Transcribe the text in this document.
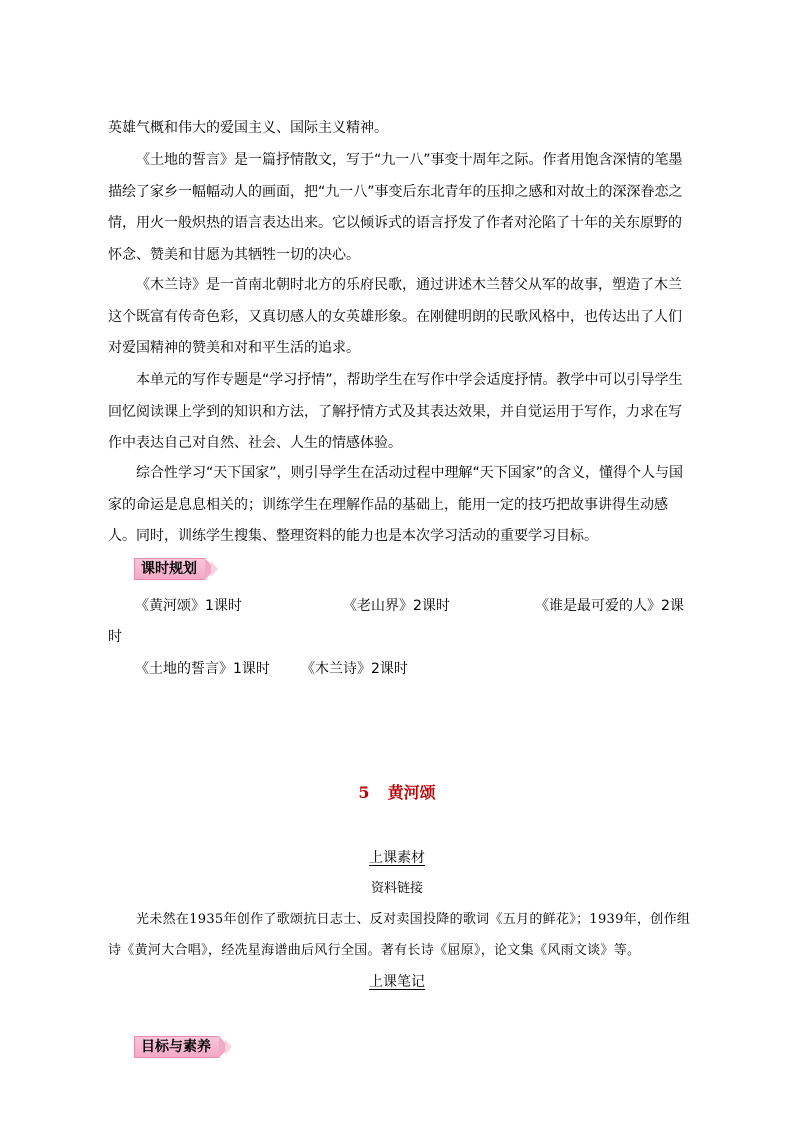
英雄气概和伟大的爱国主义、国际主义精神。

《土地的誓言》是一篇抒情散文，写于“九一八”事变十周年之际。作者用饱含深情的笔墨描绘了家乡一幅幅动人的画面，把“九一八”事变后东北青年的压抑之感和对故土的深深眷恋之情，用火一般炽热的语言表达出来。它以倾诉式的语言抒发了作者对沦陷了十年的关东原野的怀念、赞美和甘愿为其牺牲一切的决心。

《木兰诗》是一首南北朝时北方的乐府民歌，通过讲述木兰替父从军的故事，塑造了木兰这个既富有传奇色彩，又真切感人的女英雄形象。在刚健明朗的民歌风格中，也传达出了人们对爱国精神的赞美和对和平生活的追求。

本单元的写作专题是“学习抒情”，帮助学生在写作中学会适度抒情。教学中可以引导学生回忆阅读课上学到的知识和方法，了解抒情方式及其表达效果，并自觉运用于写作，力求在写作中表达自己对自然、社会、人生的情感体验。

综合性学习“天下国家”，则引导学生在活动过程中理解“天下国家”的含义，懂得个人与国家的命运是息息相关的；训练学生在理解作品的基础上，能用一定的技巧把故事讲得生动感人。同时，训练学生搜集、整理资料的能力也是本次学习活动的重要学习目标。

课时规划
《黄河颂》1课时	《老山界》2课时	《谁是最可爱的人》2课
时
《土地的誓言》1课时 《木兰诗》2课时
5 黄河颂
上课素材
资料链接

光未然在1935年创作了歌颂抗日志士、反对卖国投降的歌词《五月的鲜花》；1939年，创作组诗《黄河大合唱》，经冼星海谱曲后风行全国。著有长诗《屈原》，论文集《风雨文谈》等。

上课笔记
目标与素养
